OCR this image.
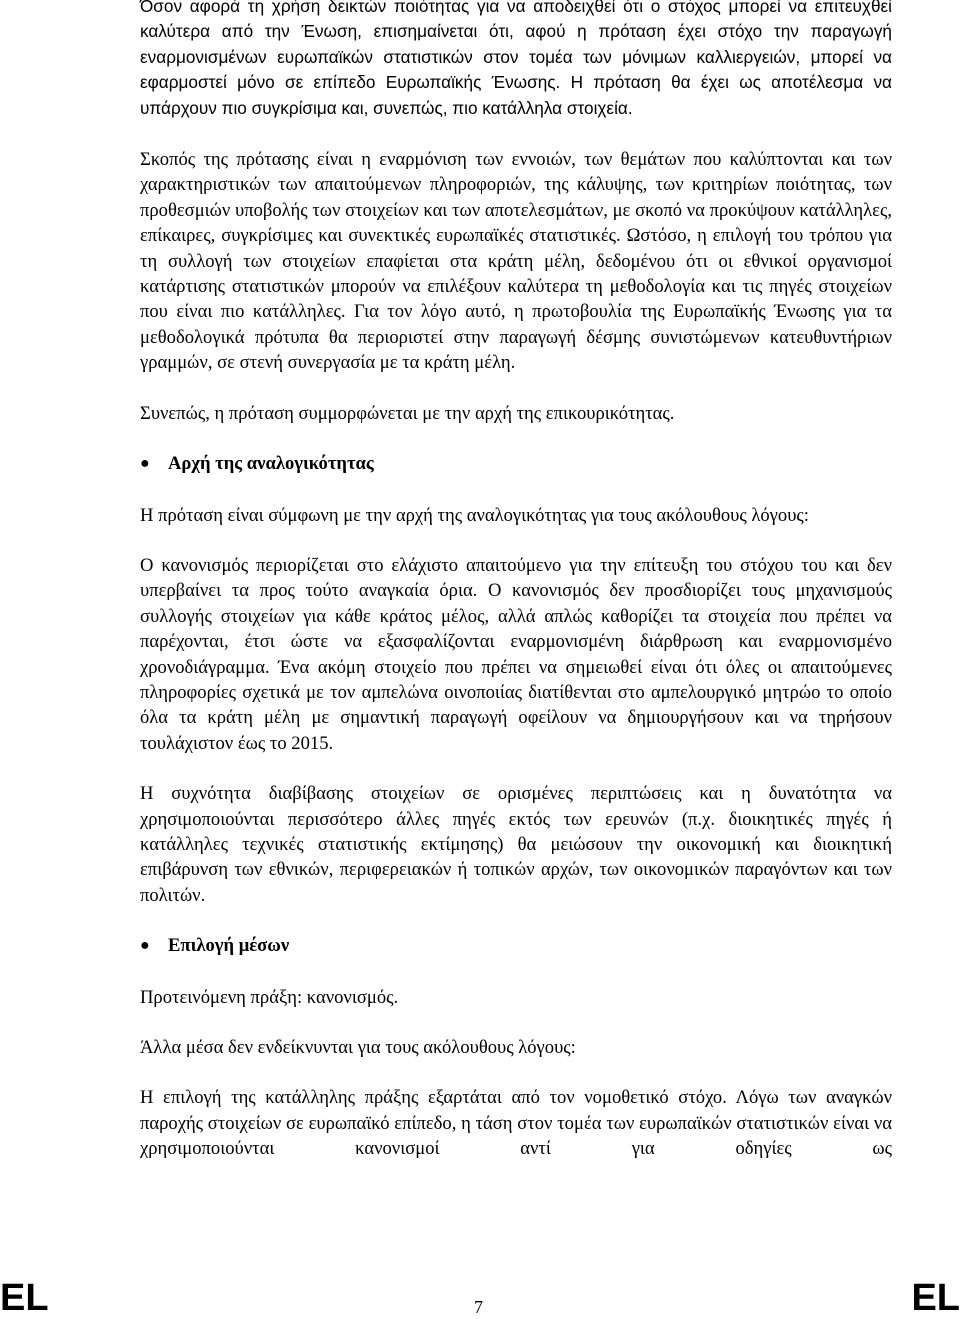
Όσον αφορά τη χρήση δεικτών ποιότητας για να αποδειχθεί ότι ο στόχος μπορεί να επιτευχθεί καλύτερα από την Ένωση, επισημαίνεται ότι, αφού η πρόταση έχει στόχο την παραγωγή εναρμονισμένων ευρωπαϊκών στατιστικών στον τομέα των μόνιμων καλλιεργειών, μπορεί να εφαρμοστεί μόνο σε επίπεδο Ευρωπαϊκής Ένωσης. Η πρόταση θα έχει ως αποτέλεσμα να υπάρχουν πιο συγκρίσιμα και, συνεπώς, πιο κατάλληλα στοιχεία.

Σκοπός της πρότασης είναι η εναρμόνιση των εννοιών, των θεμάτων που καλύπτονται και των χαρακτηριστικών των απαιτούμενων πληροφοριών, της κάλυψης, των κριτηρίων ποιότητας, των προθεσμιών υποβολής των στοιχείων και των αποτελεσμάτων, με σκοπό να προκύψουν κατάλληλες, επίκαιρες, συγκρίσιμες και συνεκτικές ευρωπαϊκές στατιστικές. Ωστόσο, η επιλογή του τρόπου για τη συλλογή των στοιχείων επαφίεται στα κράτη μέλη, δεδομένου ότι οι εθνικοί οργανισμοί κατάρτισης στατιστικών μπορούν να επιλέξουν καλύτερα τη μεθοδολογία και τις πηγές στοιχείων που είναι πιο κατάλληλες. Για τον λόγο αυτό, η πρωτοβουλία της Ευρωπαϊκής Ένωσης για τα μεθοδολογικά πρότυπα θα περιοριστεί στην παραγωγή δέσμης συνιστώμενων κατευθυντήριων γραμμών, σε στενή συνεργασία με τα κράτη μέλη.

Συνεπώς, η πρόταση συμμορφώνεται με την αρχή της επικουρικότητας.

● Αρχή της αναλογικότητας

Η πρόταση είναι σύμφωνη με την αρχή της αναλογικότητας για τους ακόλουθους λόγους:

Ο κανονισμός περιορίζεται στο ελάχιστο απαιτούμενο για την επίτευξη του στόχου του και δεν υπερβαίνει τα προς τούτο αναγκαία όρια. Ο κανονισμός δεν προσδιορίζει τους μηχανισμούς συλλογής στοιχείων για κάθε κράτος μέλος, αλλά απλώς καθορίζει τα στοιχεία που πρέπει να παρέχονται, έτσι ώστε να εξασφαλίζονται εναρμονισμένη διάρθρωση και εναρμονισμένο χρονοδιάγραμμα. Ένα ακόμη στοιχείο που πρέπει να σημειωθεί είναι ότι όλες οι απαιτούμενες πληροφορίες σχετικά με τον αμπελώνα οινοποιίας διατίθενται στο αμπελουργικό μητρώο το οποίο όλα τα κράτη μέλη με σημαντική παραγωγή οφείλουν να δημιουργήσουν και να τηρήσουν τουλάχιστον έως το 2015.

Η συχνότητα διαβίβασης στοιχείων σε ορισμένες περιπτώσεις και η δυνατότητα να χρησιμοποιούνται περισσότερο άλλες πηγές εκτός των ερευνών (π.χ. διοικητικές πηγές ή κατάλληλες τεχνικές στατιστικής εκτίμησης) θα μειώσουν την οικονομική και διοικητική επιβάρυνση των εθνικών, περιφερειακών ή τοπικών αρχών, των οικονομικών παραγόντων και των πολιτών.

● Επιλογή μέσων

Προτεινόμενη πράξη: κανονισμός.

Άλλα μέσα δεν ενδείκνυνται για τους ακόλουθους λόγους:

Η επιλογή της κατάλληλης πράξης εξαρτάται από τον νομοθετικό στόχο. Λόγω των αναγκών παροχής στοιχείων σε ευρωπαϊκό επίπεδο, η τάση στον τομέα των ευρωπαϊκών στατιστικών είναι να χρησιμοποιούνται κανονισμοί αντί για οδηγίες ως

EL	7	EL
